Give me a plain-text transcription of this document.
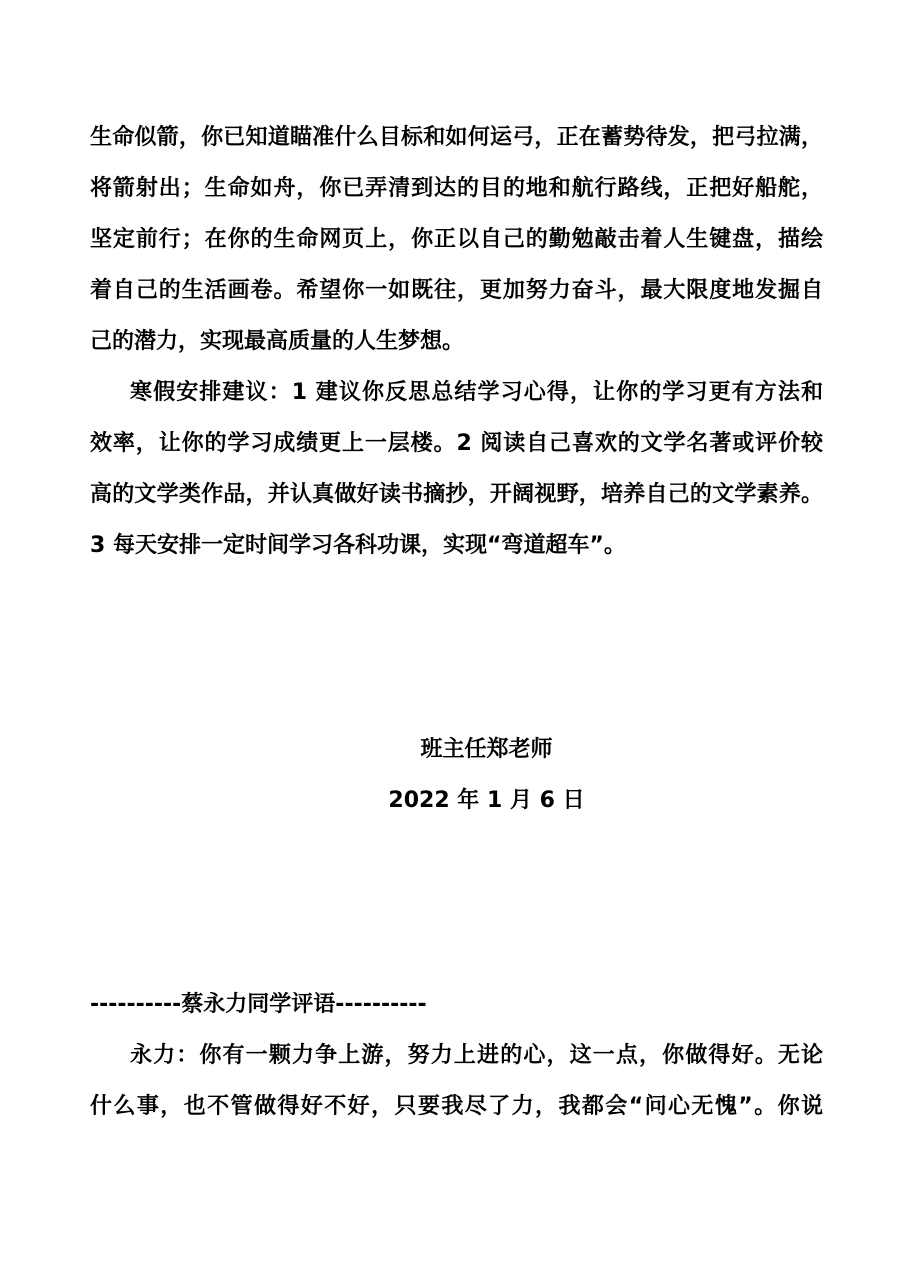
生命似箭，你已知道瞄准什么目标和如何运弓，正在蓄势待发，把弓拉满，
将箭射出；生命如舟，你已弄清到达的目的地和航行路线，正把好船舵，
坚定前行；在你的生命网页上，你正以自己的勤勉敲击着人生键盘，描绘
着自己的生活画卷。希望你一如既往，更加努力奋斗，最大限度地发掘自
己的潜力，实现最高质量的人生梦想。
寒假安排建议：1 建议你反思总结学习心得，让你的学习更有方法和
效率，让你的学习成绩更上一层楼。2 阅读自己喜欢的文学名著或评价较
高的文学类作品，并认真做好读书摘抄，开阔视野，培养自己的文学素养。
3 每天安排一定时间学习各科功课，实现“弯道超车”。
班主任郑老师
2022 年 1 月 6 日
----------蔡永力同学评语----------
永力：你有一颗力争上游，努力上进的心，这一点，你做得好。无论
什么事，也不管做得好不好，只要我尽了力，我都会“问心无愧”。你说
